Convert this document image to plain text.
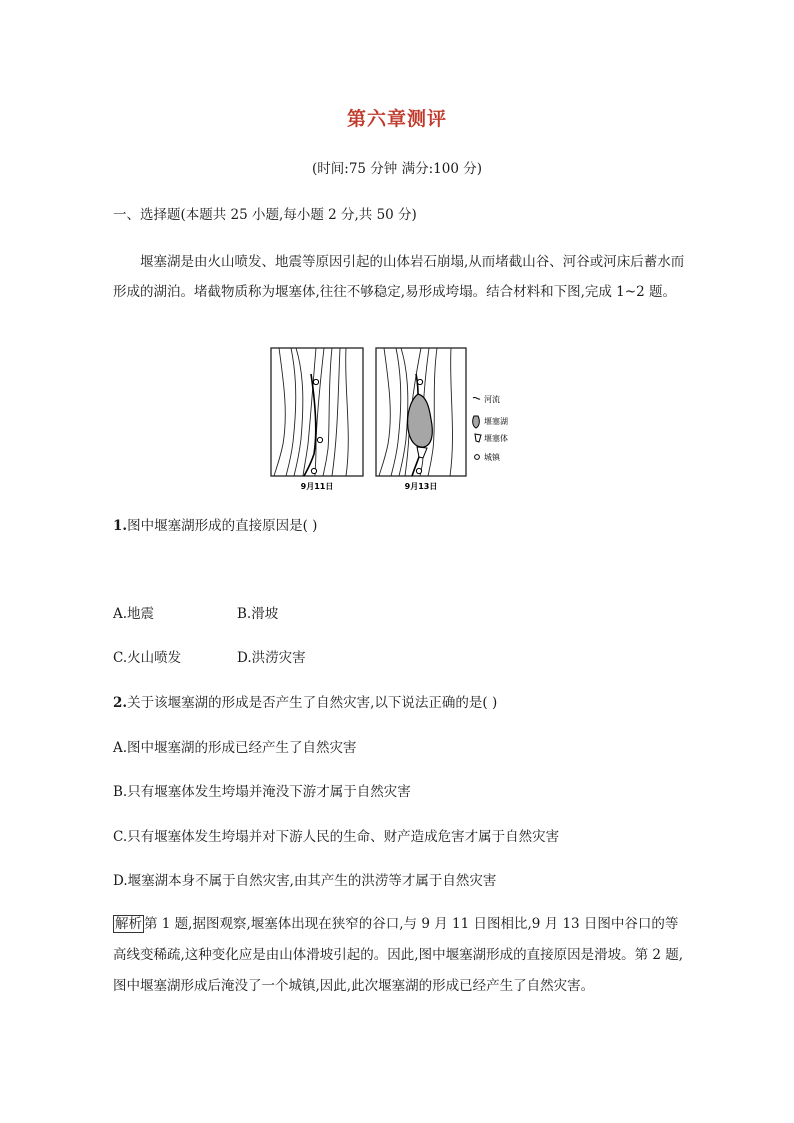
第六章测评
(时间:75 分钟 满分:100 分)
一、选择题(本题共 25 小题,每小题 2 分,共 50 分)
堰塞湖是由火山喷发、地震等原因引起的山体岩石崩塌,从而堵截山谷、河谷或河床后蓄水而形成的湖泊。堵截物质称为堰塞体,往往不够稳定,易形成垮塌。结合材料和下图,完成 1~2 题。
河流
堰塞湖
堰塞体
城镇
9月11日	9月13日
1.图中堰塞湖形成的直接原因是( )
A.地震	B.滑坡
C.火山喷发	D.洪涝灾害
2.关于该堰塞湖的形成是否产生了自然灾害,以下说法正确的是( )
A.图中堰塞湖的形成已经产生了自然灾害
B.只有堰塞体发生垮塌并淹没下游才属于自然灾害
C.只有堰塞体发生垮塌并对下游人民的生命、财产造成危害才属于自然灾害
D.堰塞湖本身不属于自然灾害,由其产生的洪涝等才属于自然灾害
解析 第 1 题,据图观察,堰塞体出现在狭窄的谷口,与 9 月 11 日图相比,9 月 13 日图中谷口的等高线变稀疏,这种变化应是由山体滑坡引起的。因此,图中堰塞湖形成的直接原因是滑坡。第 2 题,图中堰塞湖形成后淹没了一个城镇,因此,此次堰塞湖的形成已经产生了自然灾害。
